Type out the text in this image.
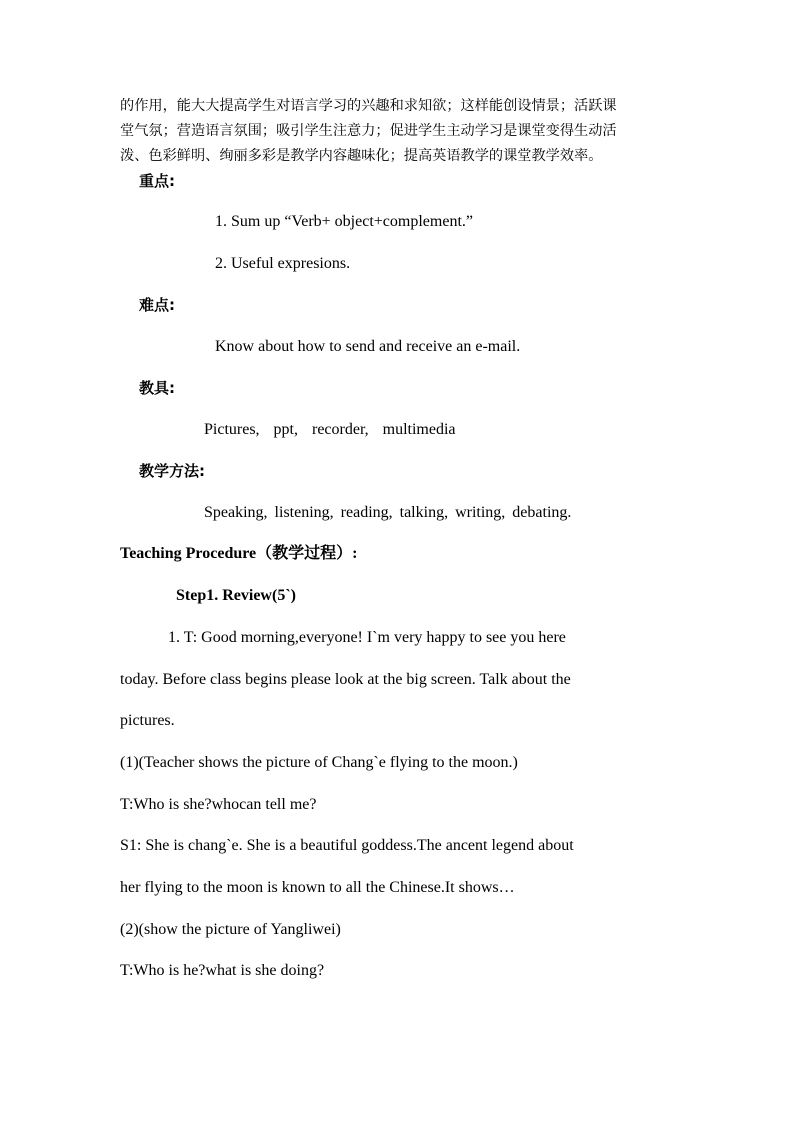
的作用，能大大提高学生对语言学习的兴趣和求知欲；这样能创设情景；活跃课

堂气氛；营造语言氛围；吸引学生注意力；促进学生主动学习是课堂变得生动活

泼、色彩鲜明、绚丽多彩是教学内容趣味化；提高英语教学的课堂教学效率。

重点:
1. Sum up “Verb+ object+complement.”
2. Useful expresions.
难点:
Know about how to send and receive an e-mail.
教具:
Pictures, ppt, recorder, multimedia
教学方法:
Speaking, listening, reading, talking, writing, debating.
Teaching Procedure（教学过程）:
Step1. Review(5`)
1. T: Good morning,everyone! I`m very happy to see you here
today. Before class begins please look at the big screen. Talk about the
pictures.
(1)(Teacher shows the picture of Chang`e flying to the moon.)
T:Who is she?whocan tell me?
S1: She is chang`e. She is a beautiful goddess.The ancent legend about
her flying to the moon is known to all the Chinese.It shows…
(2)(show the picture of Yangliwei)
T:Who is he?what is she doing?
